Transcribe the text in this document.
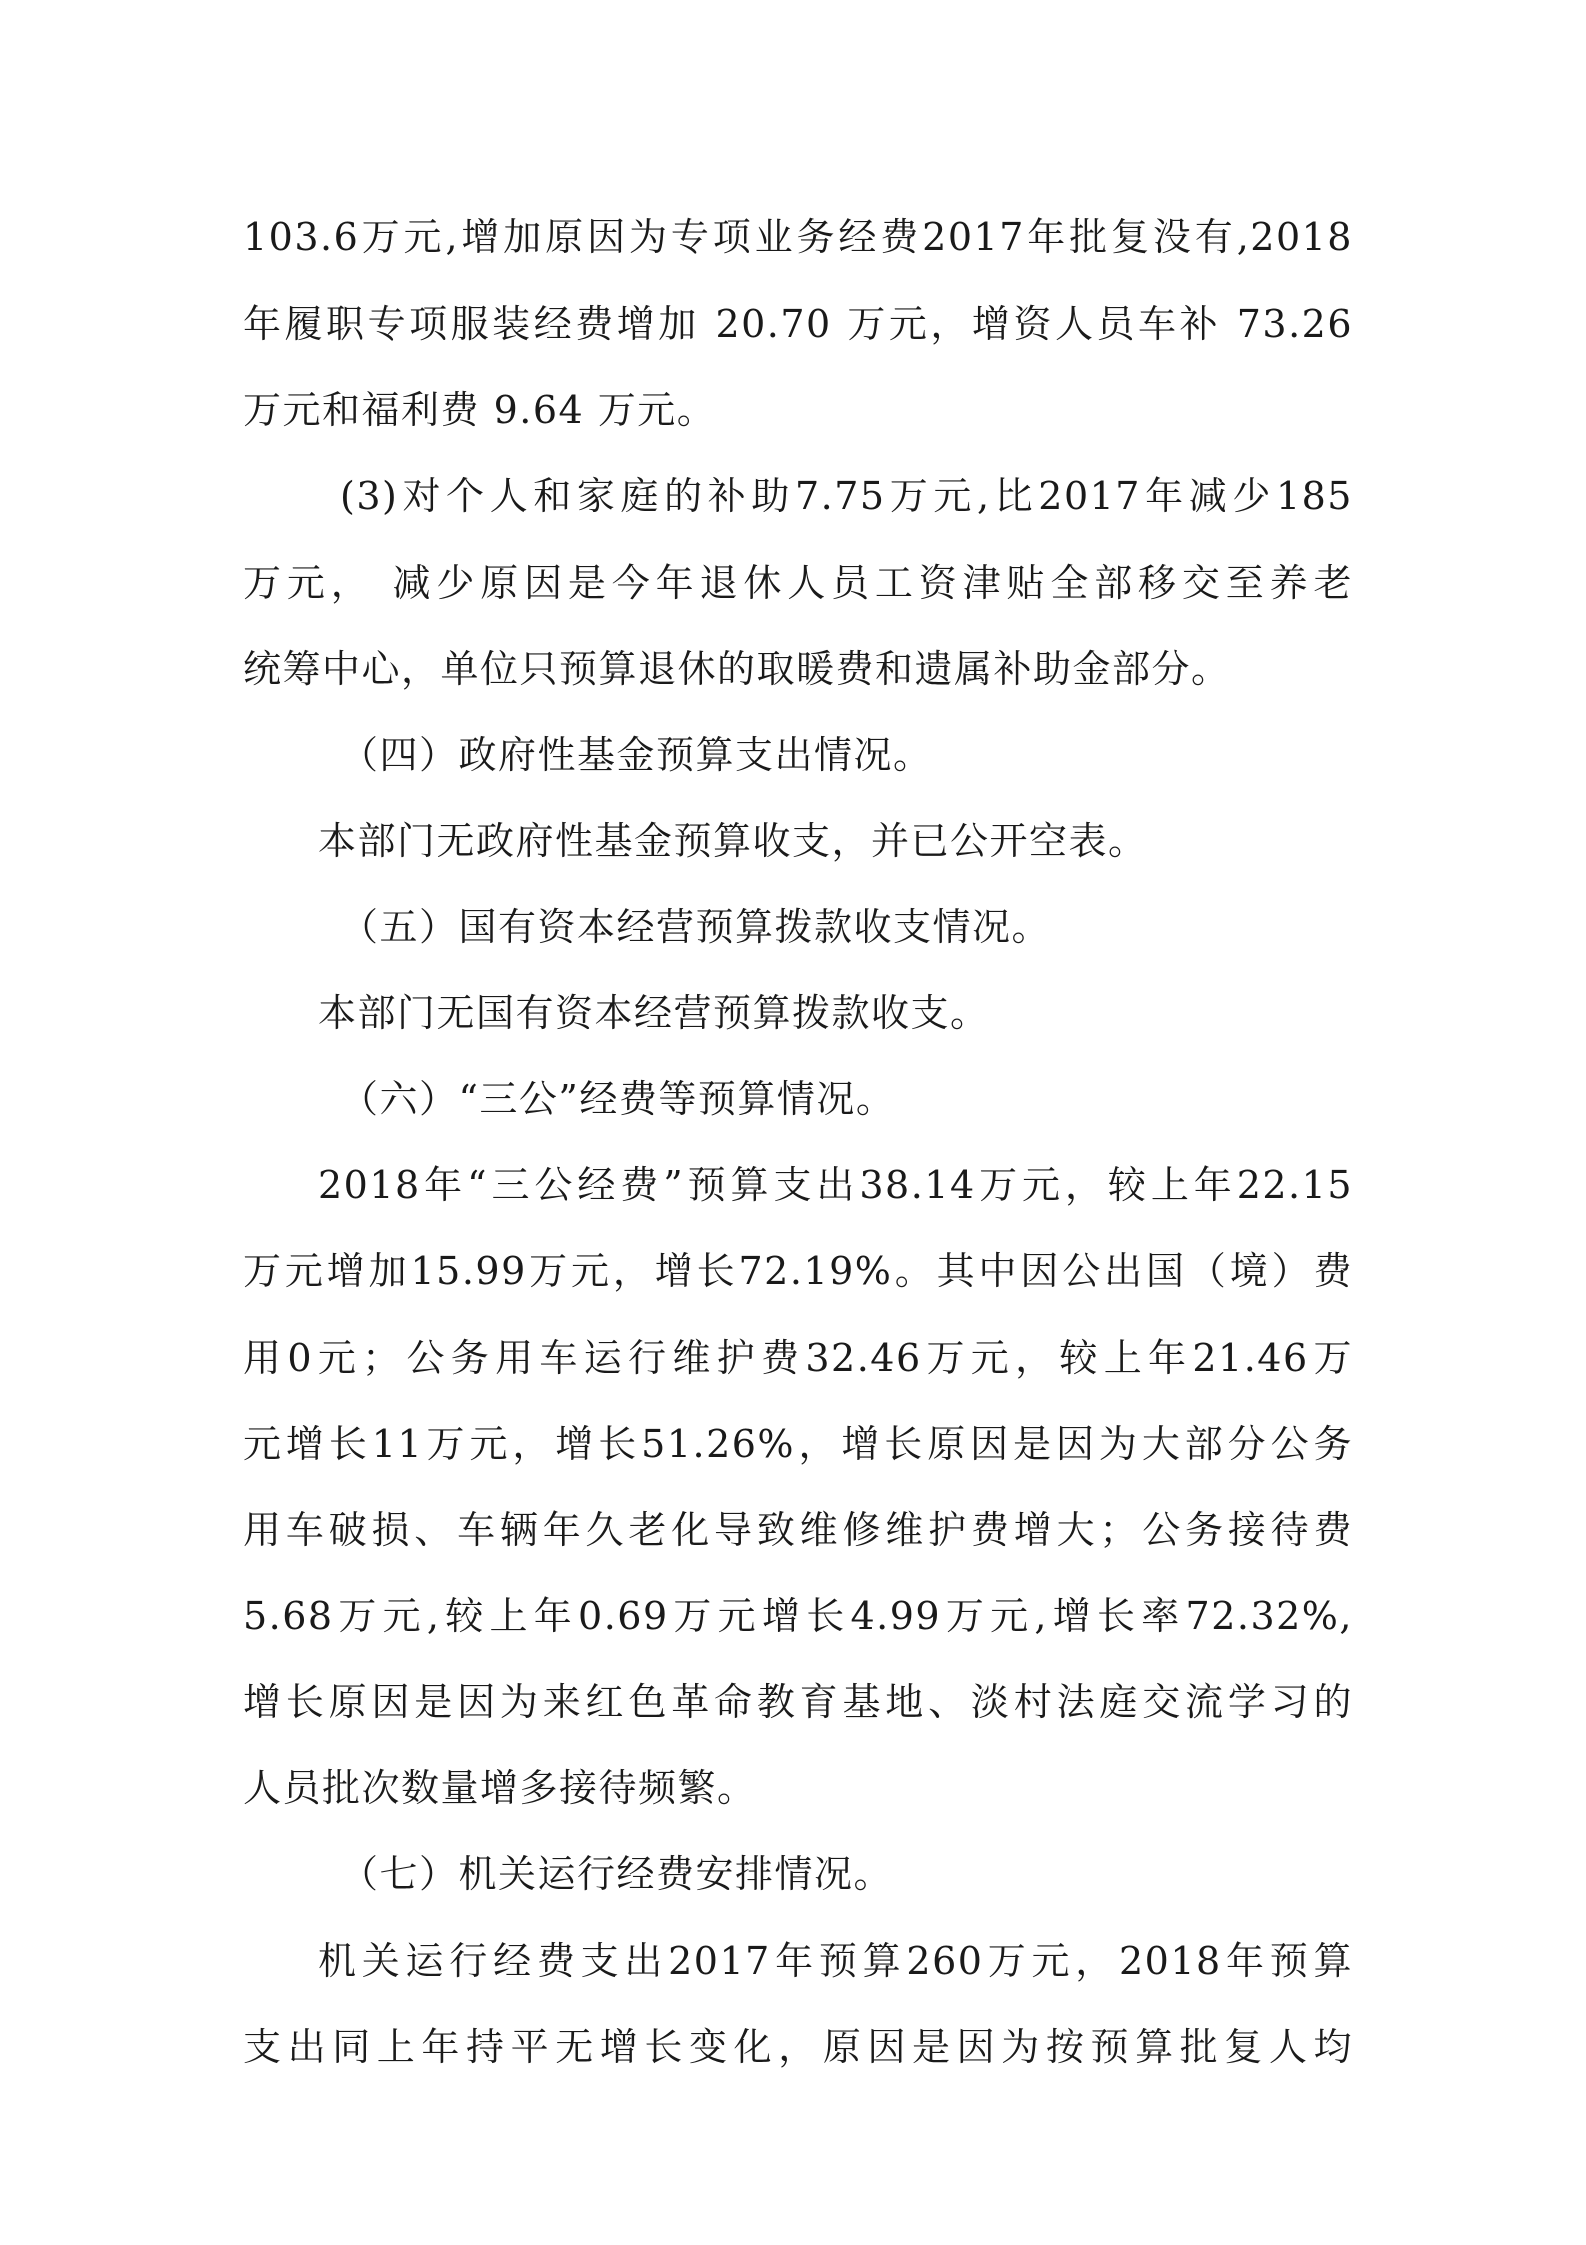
103.6万元,增加原因为专项业务经费2017年批复没有,2018
年履职专项服装经费增加 20.70 万元，增资人员车补 73.26
万元和福利费 9.64 万元。
(3)对个人和家庭的补助7.75万元,比2017年减少185
万元， 减少原因是今年退休人员工资津贴全部移交至养老
统筹中心，单位只预算退休的取暖费和遗属补助金部分。
（四）政府性基金预算支出情况。
本部门无政府性基金预算收支，并已公开空表。
（五）国有资本经营预算拨款收支情况。
本部门无国有资本经营预算拨款收支。
（六）“三公”经费等预算情况。
2018年“三公经费”预算支出38.14万元，较上年22.15
万元增加15.99万元，增长72.19%。其中因公出国（境）费
用0元；公务用车运行维护费32.46万元，较上年21.46万
元增长11万元，增长51.26%，增长原因是因为大部分公务
用车破损、车辆年久老化导致维修维护费增大；公务接待费
5.68万元,较上年0.69万元增长4.99万元,增长率72.32%,
增长原因是因为来红色革命教育基地、淡村法庭交流学习的
人员批次数量增多接待频繁。
（七）机关运行经费安排情况。
机关运行经费支出2017年预算260万元，2018年预算
支出同上年持平无增长变化，原因是因为按预算批复人均
